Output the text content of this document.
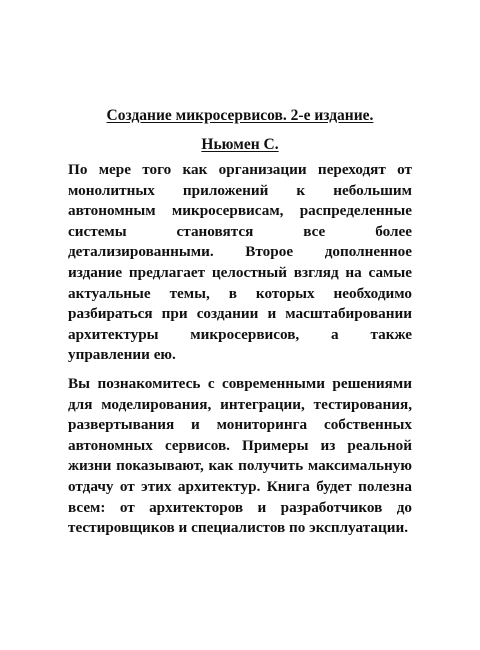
Создание микросервисов. 2-е издание.
Ньюмен С.

По мере того как организации переходят от монолитных приложений к небольшим автономным микросервисам, распределенные системы становятся все более детализированными. Второе дополненное издание предлагает целостный взгляд на самые актуальные темы, в которых необходимо разбираться при создании и масштабировании архитектуры микросервисов, а также управлении ею.

Вы познакомитесь с современными решениями для моделирования, интеграции, тестирования, развертывания и мониторинга собственных автономных сервисов. Примеры из реальной жизни показывают, как получить максимальную отдачу от этих архитектур. Книга будет полезна всем: от архитекторов и разработчиков до тестировщиков и специалистов по эксплуатации.
